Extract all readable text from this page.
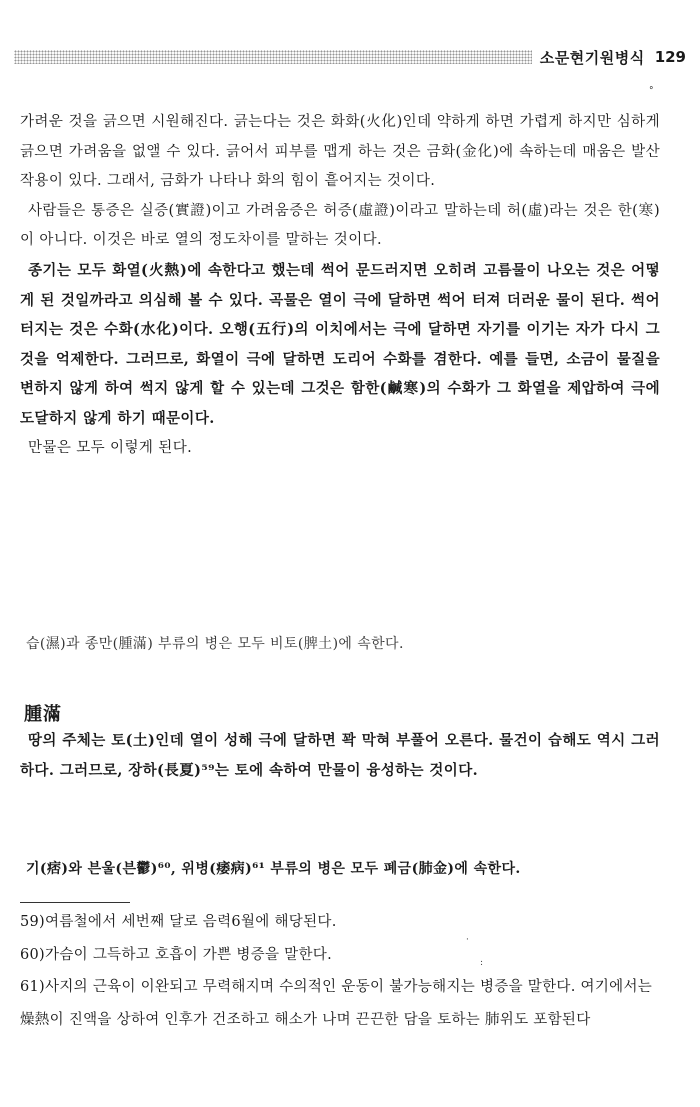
소문현기원병식 129
°

가려운 것을 긁으면 시원해진다. 긁는다는 것은 화화(火化)인데 약하게 하면 가렵게 하지만 심하게 긁으면 가려움을 없앨 수 있다. 긁어서 피부를 맵게 하는 것은 금화(金化)에 속하는데 매움은 발산작용이 있다. 그래서, 금화가 나타나 화의 힘이 흩어지는 것이다.

사람들은 통증은 실증(實證)이고 가려움증은 허증(虛證)이라고 말하는데 허(虛)라는 것은 한(寒)이 아니다. 이것은 바로 열의 정도차이를 말하는 것이다.

종기는 모두 화열(火熱)에 속한다고 했는데 썩어 문드러지면 오히려 고름물이 나오는 것은 어떻게 된 것일까라고 의심해 볼 수 있다. 곡물은 열이 극에 달하면 썩어 터져 더러운 물이 된다. 썩어 터지는 것은 수화(水化)이다. 오행(五行)의 이치에서는 극에 달하면 자기를 이기는 자가 다시 그것을 억제한다. 그러므로, 화열이 극에 달하면 도리어 수화를 겸한다. 예를 들면, 소금이 물질을 변하지 않게 하여 썩지 않게 할 수 있는데 그것은 함한(鹹寒)의 수화가 그 화열을 제압하여 극에 도달하지 않게 하기 때문이다.

만물은 모두 이렇게 된다.

습(濕)과 종만(腫滿) 부류의 병은 모두 비토(脾土)에 속한다.
腫滿

땅의 주체는 토(土)인데 열이 성해 극에 달하면 꽉 막혀 부풀어 오른다. 물건이 습해도 역시 그러하다. 그러므로, 장하(長夏)⁵⁹는 토에 속하여 만물이 융성하는 것이다.

기(痞)와 븐울(븐鬱)⁶⁰, 위병(痿病)⁶¹ 부류의 병은 모두 폐금(肺金)에 속한다.
·
:

59)여름철에서 세번째 달로 음력6월에 해당된다.

60)가슴이 그득하고 호흡이 가쁜 병증을 말한다.

61)사지의 근육이 이완되고 무력해지며 수의적인 운동이 불가능해지는 병증을 말한다. 여기에서는 燥熱이 진액을 상하여 인후가 건조하고 해소가 나며 끈끈한 담을 토하는 肺위도 포함된다
